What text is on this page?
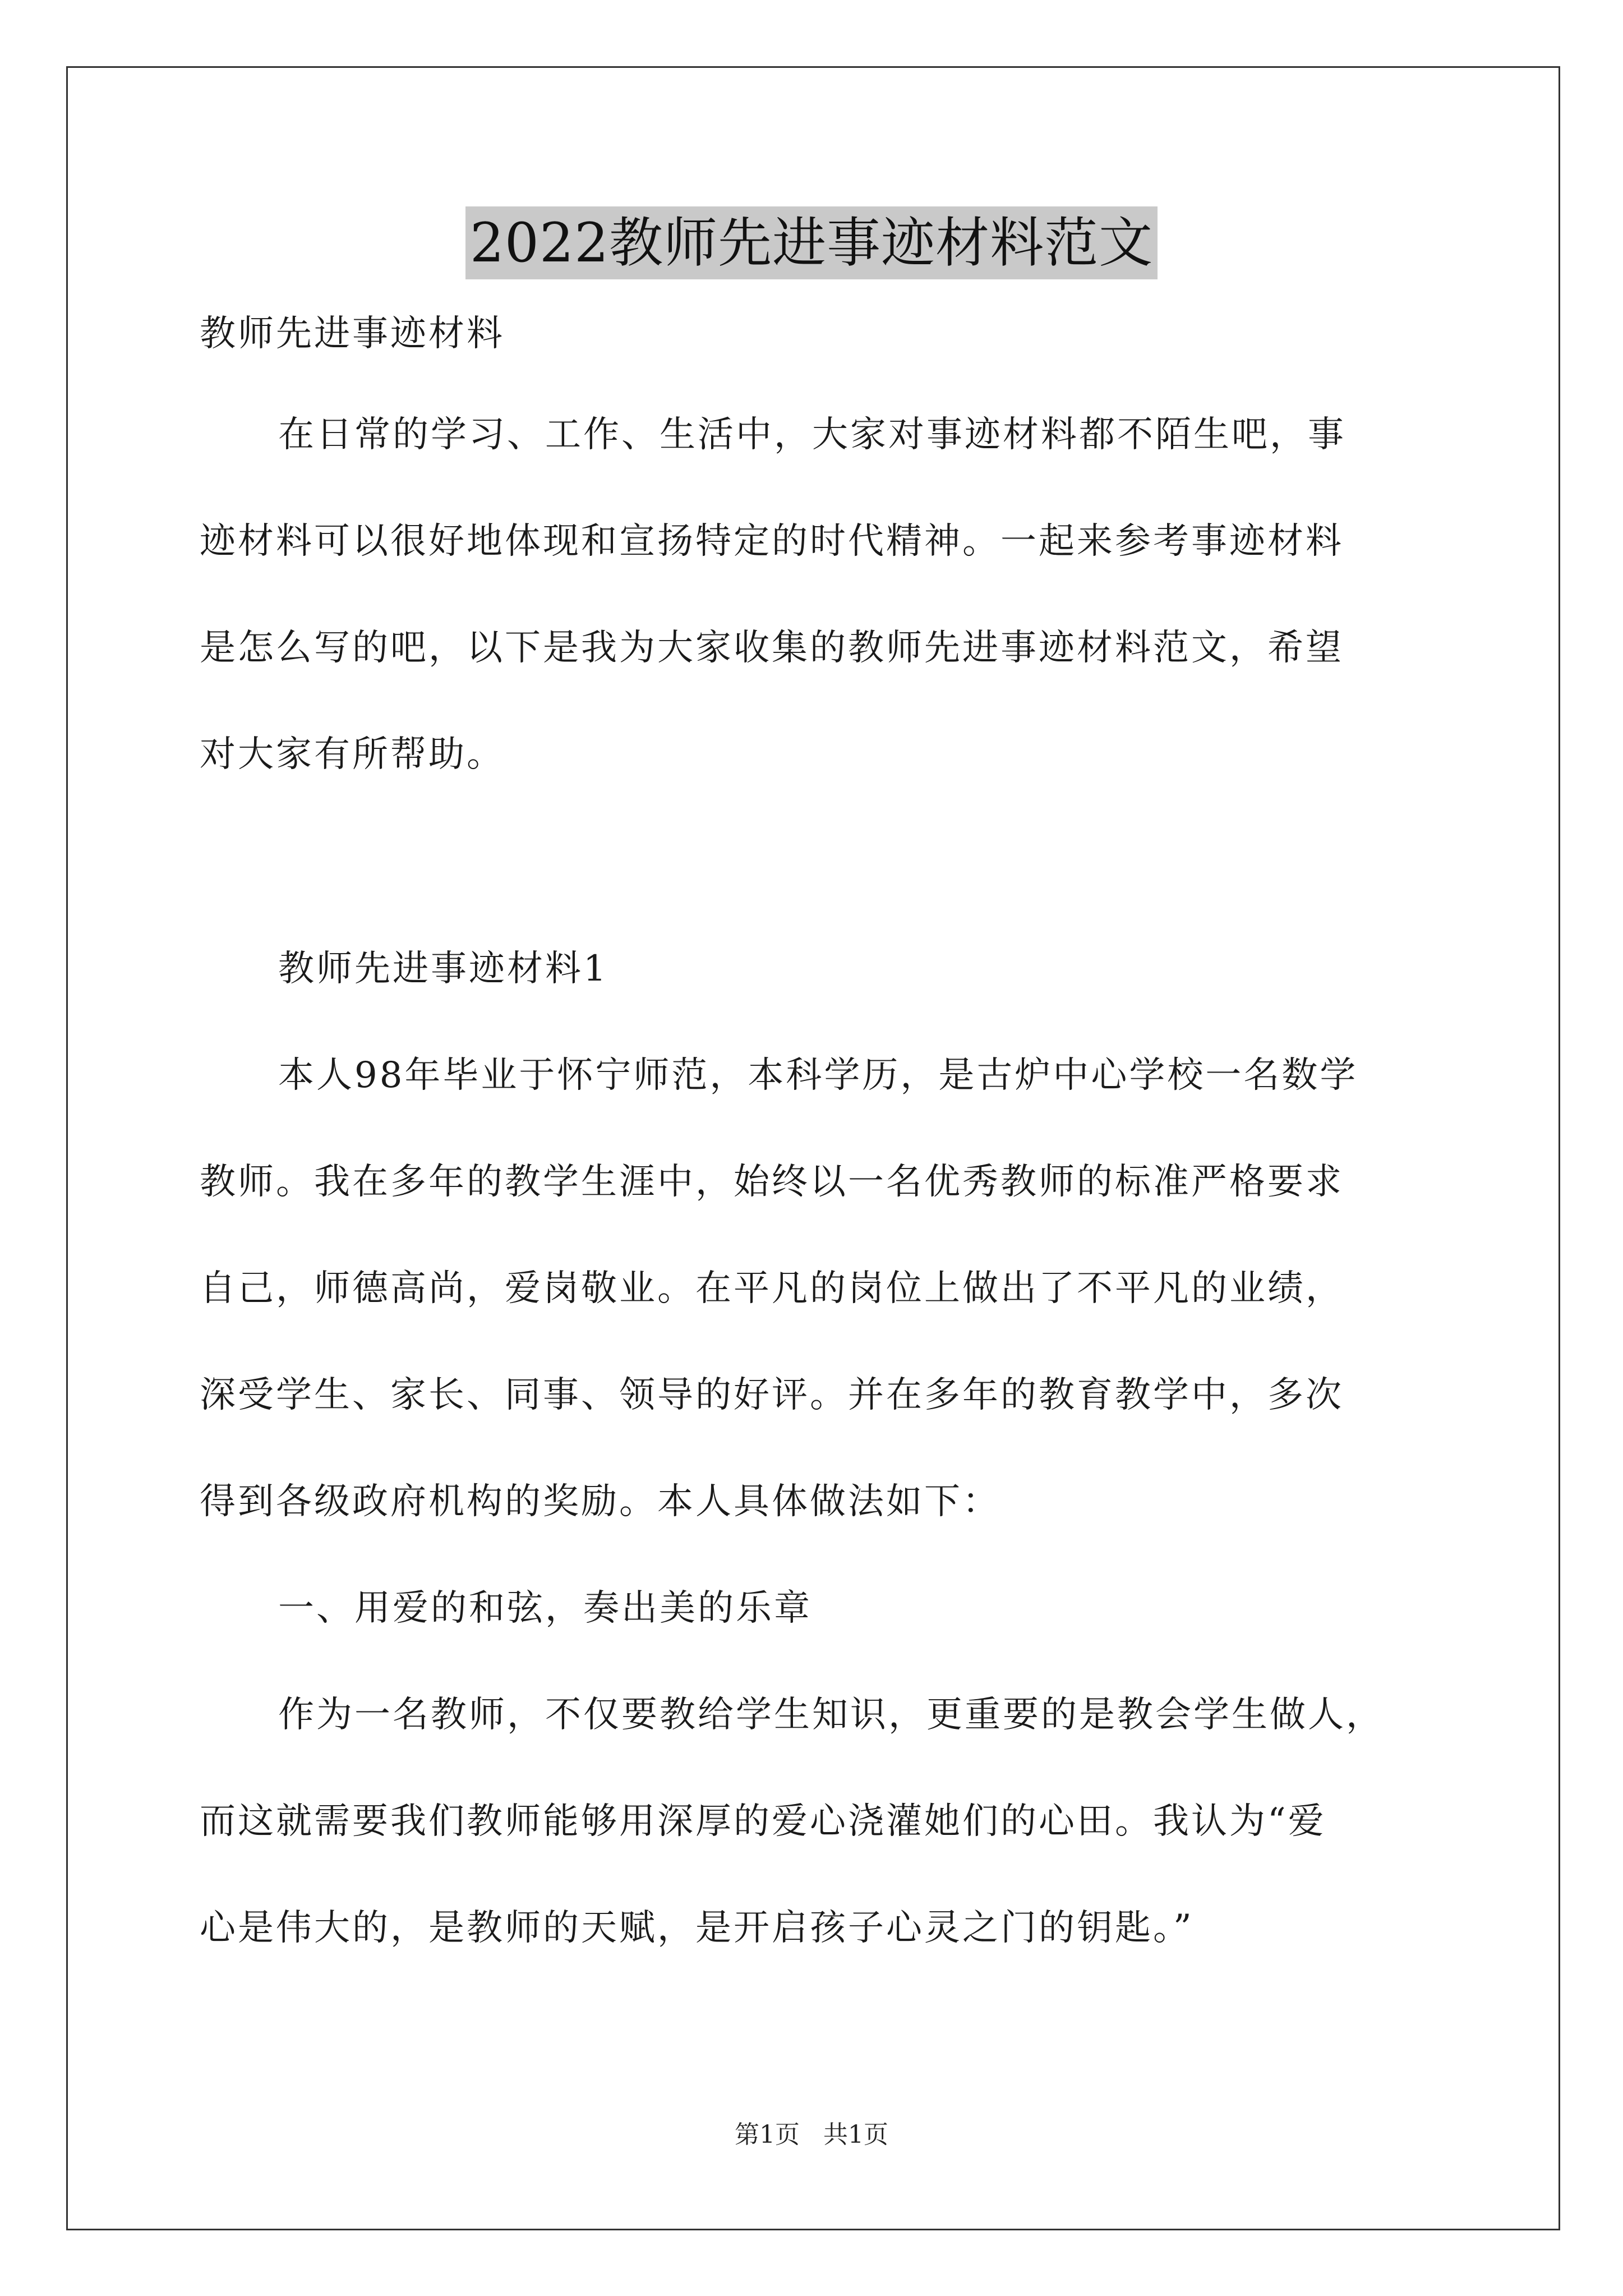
2022教师先进事迹材料范文

教师先进事迹材料

在日常的学习、工作、生活中，大家对事迹材料都不陌生吧，事

迹材料可以很好地体现和宣扬特定的时代精神。一起来参考事迹材料

是怎么写的吧，以下是我为大家收集的教师先进事迹材料范文，希望

对大家有所帮助。

教师先进事迹材料1

本人98年毕业于怀宁师范，本科学历，是古炉中心学校一名数学

教师。我在多年的教学生涯中，始终以一名优秀教师的标准严格要求

自己，师德高尚，爱岗敬业。在平凡的岗位上做出了不平凡的业绩，

深受学生、家长、同事、领导的好评。并在多年的教育教学中，多次

得到各级政府机构的奖励。本人具体做法如下：

一、用爱的和弦，奏出美的乐章

作为一名教师，不仅要教给学生知识，更重要的是教会学生做人，

而这就需要我们教师能够用深厚的爱心浇灌她们的心田。我认为“爱

心是伟大的，是教师的天赋，是开启孩子心灵之门的钥匙。”

第1页 共1页
